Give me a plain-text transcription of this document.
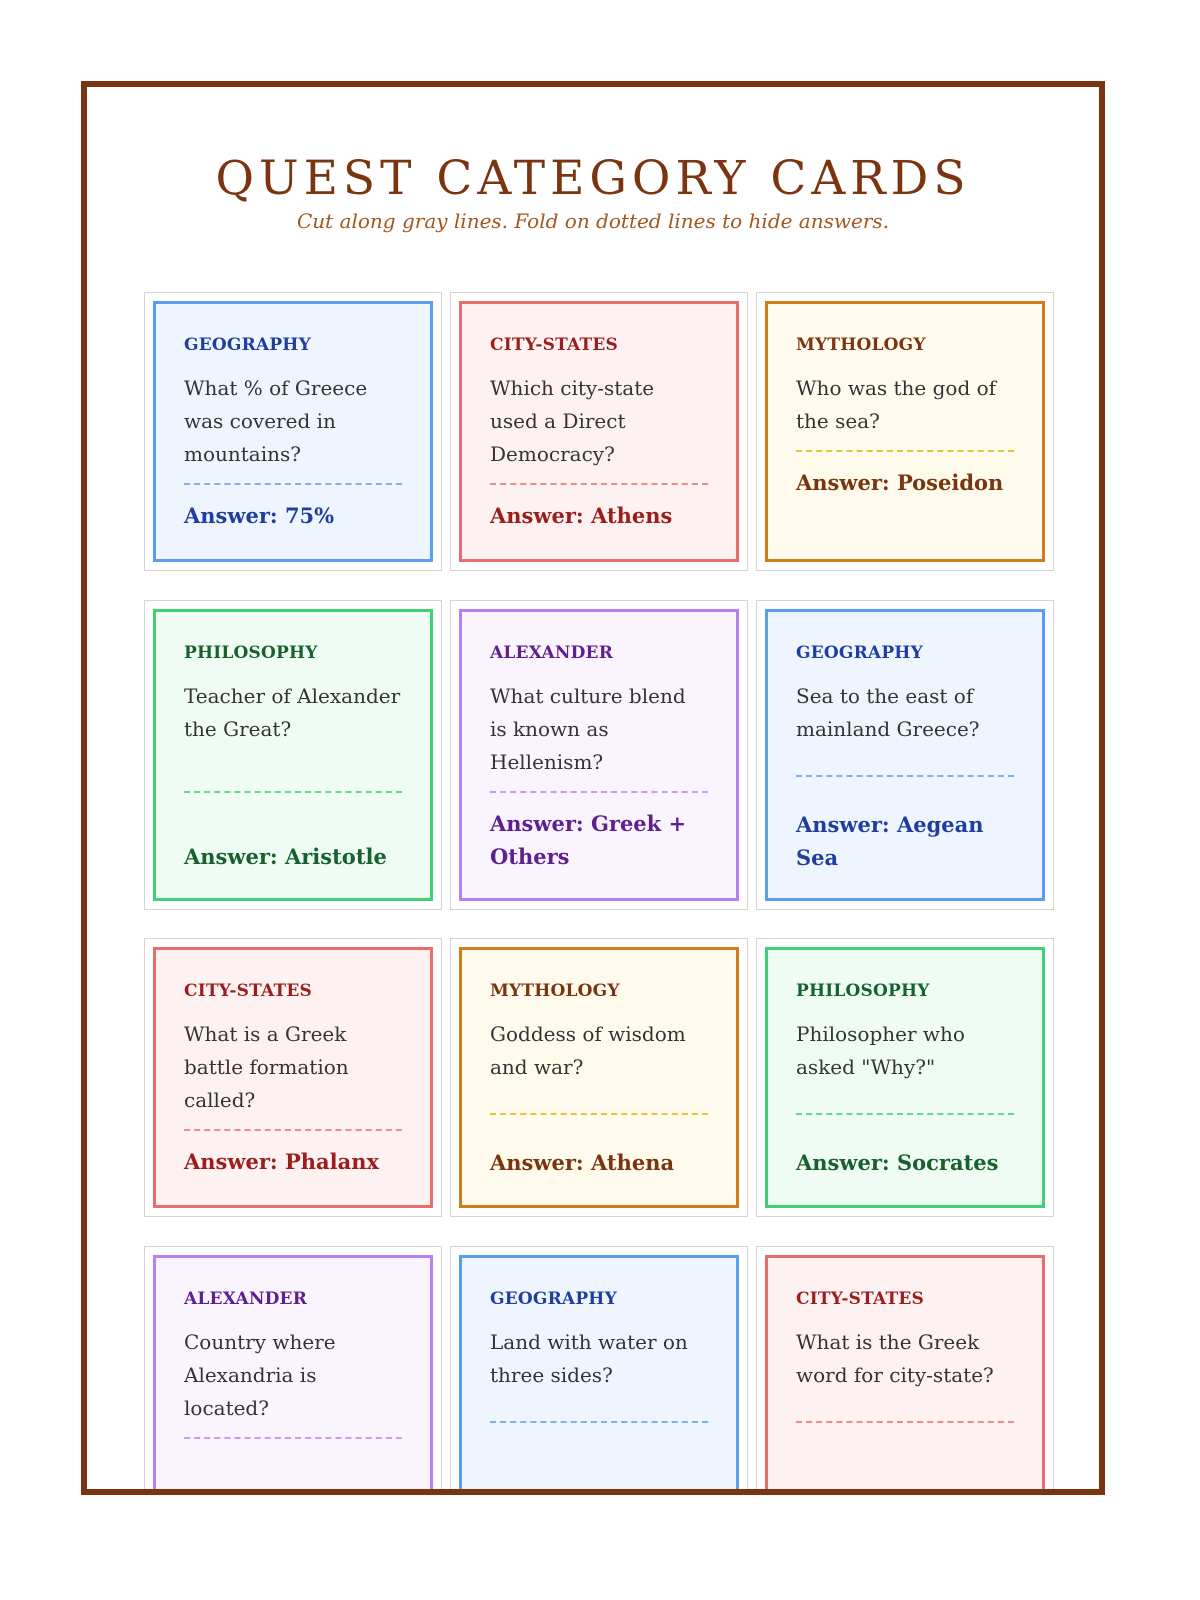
QUEST CATEGORY CARDS

Cut along gray lines. Fold on dotted lines to hide answers.

GEOGRAPHY
What % of Greece was covered in mountains?
Answer: 75%
CITY-STATES
Which city-state used a Direct Democracy?
Answer: Athens
MYTHOLOGY
Who was the god of the sea?
Answer: Poseidon
PHILOSOPHY
Teacher of Alexander the Great?
Answer: Aristotle
ALEXANDER
What culture blend is known as Hellenism?
Answer: Greek + Others
GEOGRAPHY
Sea to the east of mainland Greece?
Answer: Aegean Sea
CITY-STATES
What is a Greek battle formation called?
Answer: Phalanx
MYTHOLOGY
Goddess of wisdom and war?
Answer: Athena
PHILOSOPHY
Philosopher who asked "Why?"
Answer: Socrates
ALEXANDER
Country where Alexandria is located?
GEOGRAPHY
Land with water on three sides?
CITY-STATES
What is the Greek word for city-state?
